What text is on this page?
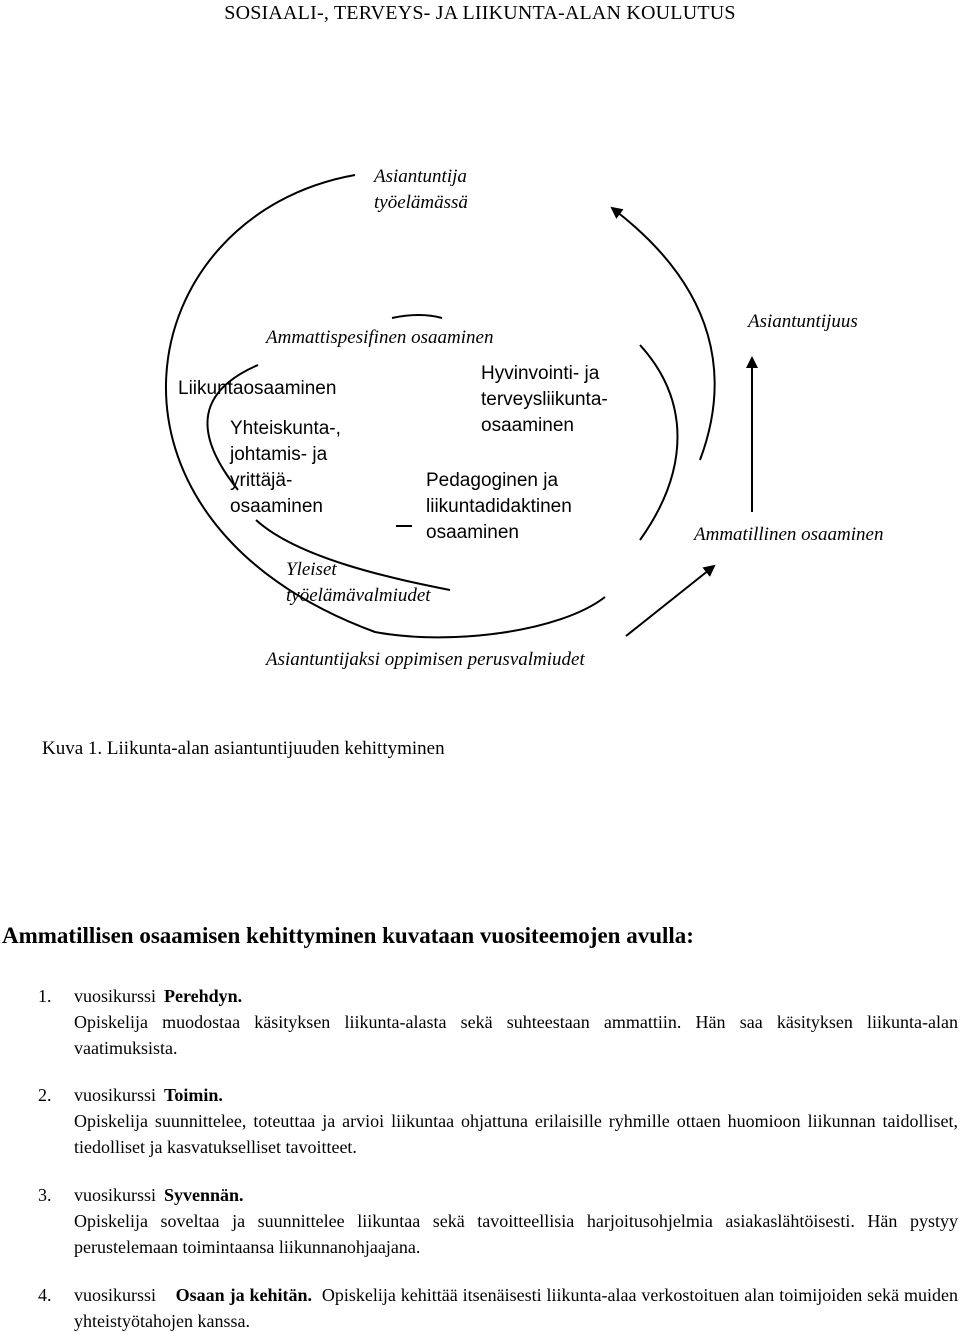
SOSIAALI-, TERVEYS- JA LIIKUNTA-ALAN KOULUTUS
Asiantuntija
työelämässä
Ammattispesifinen osaaminen
Liikuntaosaaminen
Yhteiskunta-,
johtamis- ja
yrittäjä-
osaaminen
Hyvinvointi- ja
terveysliikunta-
osaaminen
Pedagoginen ja
liikuntadidaktinen
osaaminen
Yleiset
työelämävalmiudet
Asiantuntijuus
Ammatillinen osaaminen
Asiantuntijaksi oppimisen perusvalmiudet
Kuva 1. Liikunta-alan asiantuntijuuden kehittyminen
Ammatillisen osaamisen kehittyminen kuvataan vuositeemojen avulla:
1. vuosikurssi Perehdyn.
Opiskelija muodostaa käsityksen liikunta-alasta sekä suhteestaan ammattiin. Hän saa käsityksen liikunta-alan vaatimuksista.
2. vuosikurssi Toimin.
Opiskelija suunnittelee, toteuttaa ja arvioi liikuntaa ohjattuna erilaisille ryhmille ottaen huomioon liikunnan taidolliset, tiedolliset ja kasvatukselliset tavoitteet.
3. vuosikurssi Syvennän.
Opiskelija soveltaa ja suunnittelee liikuntaa sekä tavoitteellisia harjoitusohjelmia asiakaslähtöisesti. Hän pystyy perustelemaan toimintaansa liikunnanohjaajana.
4. vuosikurssi Osaan ja kehitän. Opiskelija kehittää itsenäisesti liikunta-alaa verkostoituen alan toimijoiden sekä muiden yhteistyötahojen kanssa.
